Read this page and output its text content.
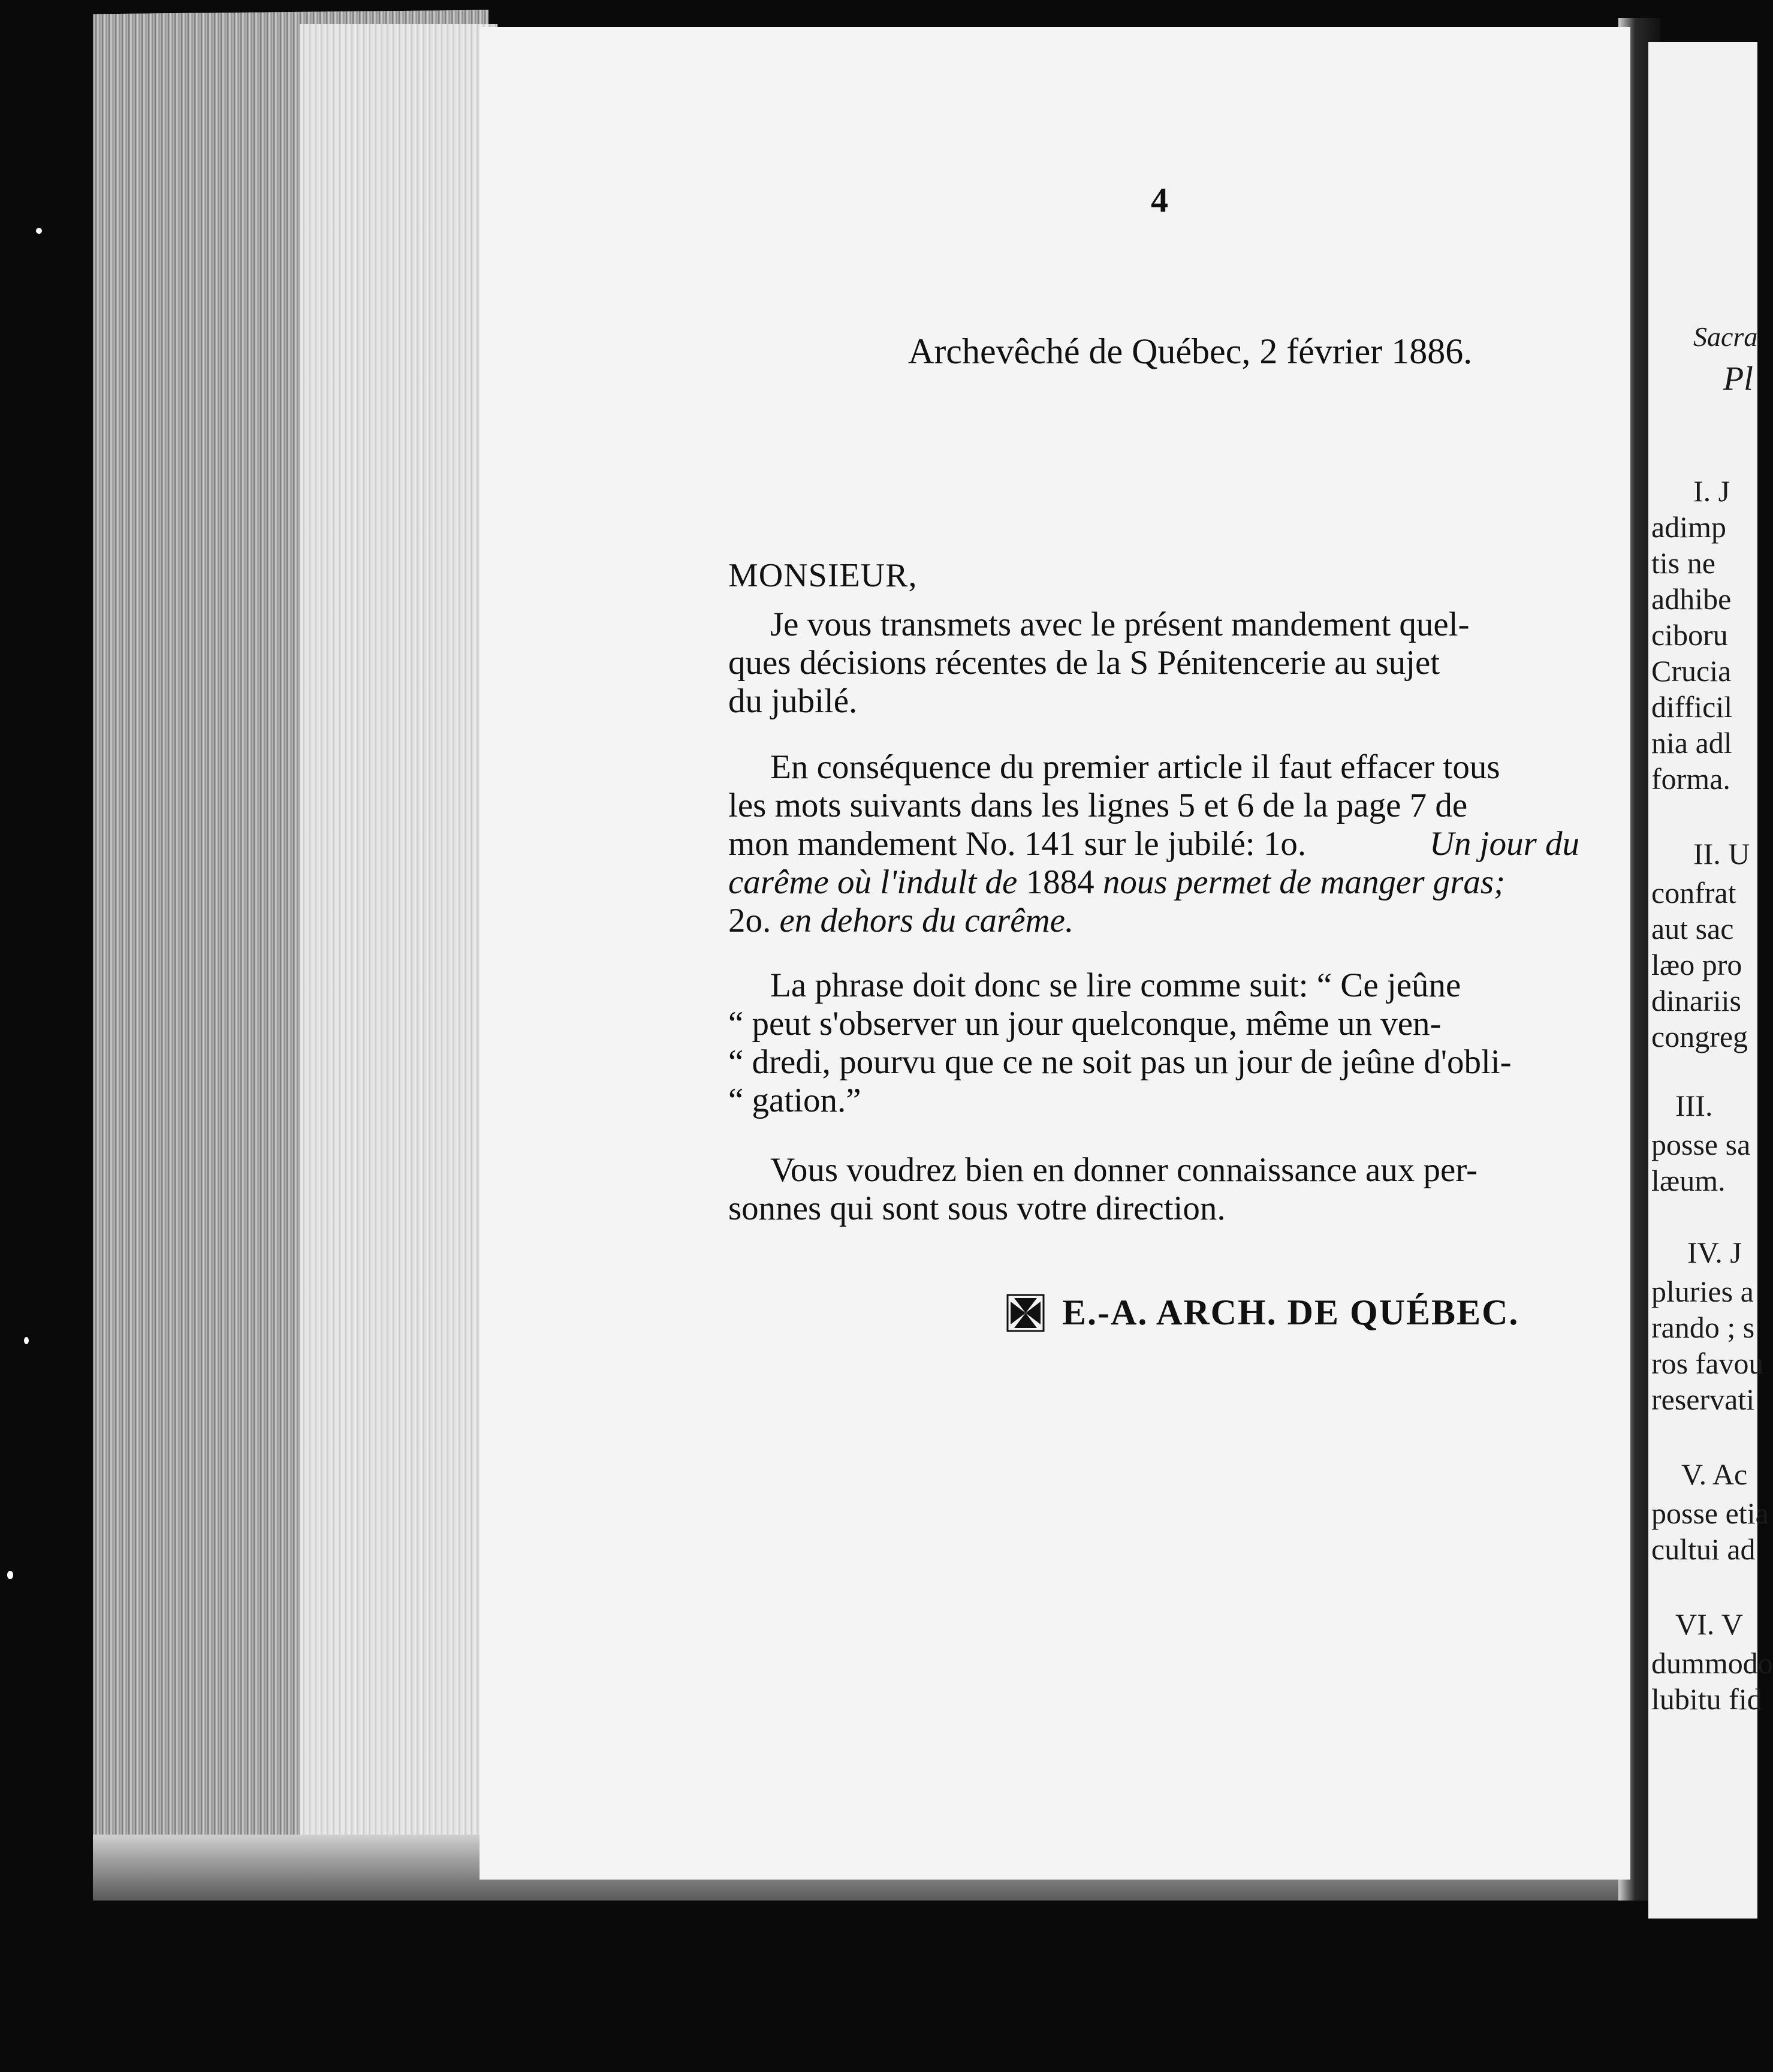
4
Archevêché de Québec, 2 février 1886.
MONSIEUR,
Je vous transmets avec le présent mandement quel-
ques décisions récentes de la S Pénitencerie au sujet
du jubilé.
En conséquence du premier article il faut effacer tous
les mots suivants dans les lignes 5 et 6 de la page 7 de
mon mandement No. 141 sur le jubilé: 1o.	Un jour du
carême où l'indult de 1884 nous permet de manger gras;
2o. en dehors du carême.
La phrase doit donc se lire comme suit: “ Ce jeûne
“ peut s'observer un jour quelconque, même un ven-
“ dredi, pourvu que ce ne soit pas un jour de jeûne d'obli-
“ gation.”
Vous voudrez bien en donner connaissance aux per-
sonnes qui sont sous votre direction.
E.-A. ARCH. DE QUÉBEC.
Sacra
Pl
I. J
adimp
tis ne
adhibe
ciboru
Crucia
difficil
nia adl
forma.
II. U
confrat
aut sac
læo pro
dinariis
congreg
III.
posse sa
læum.
IV. J
pluries a
rando ; s
ros favou
reservati
V. Ac
posse etia
cultui ad
VI. V
dummodo
lubitu fid
